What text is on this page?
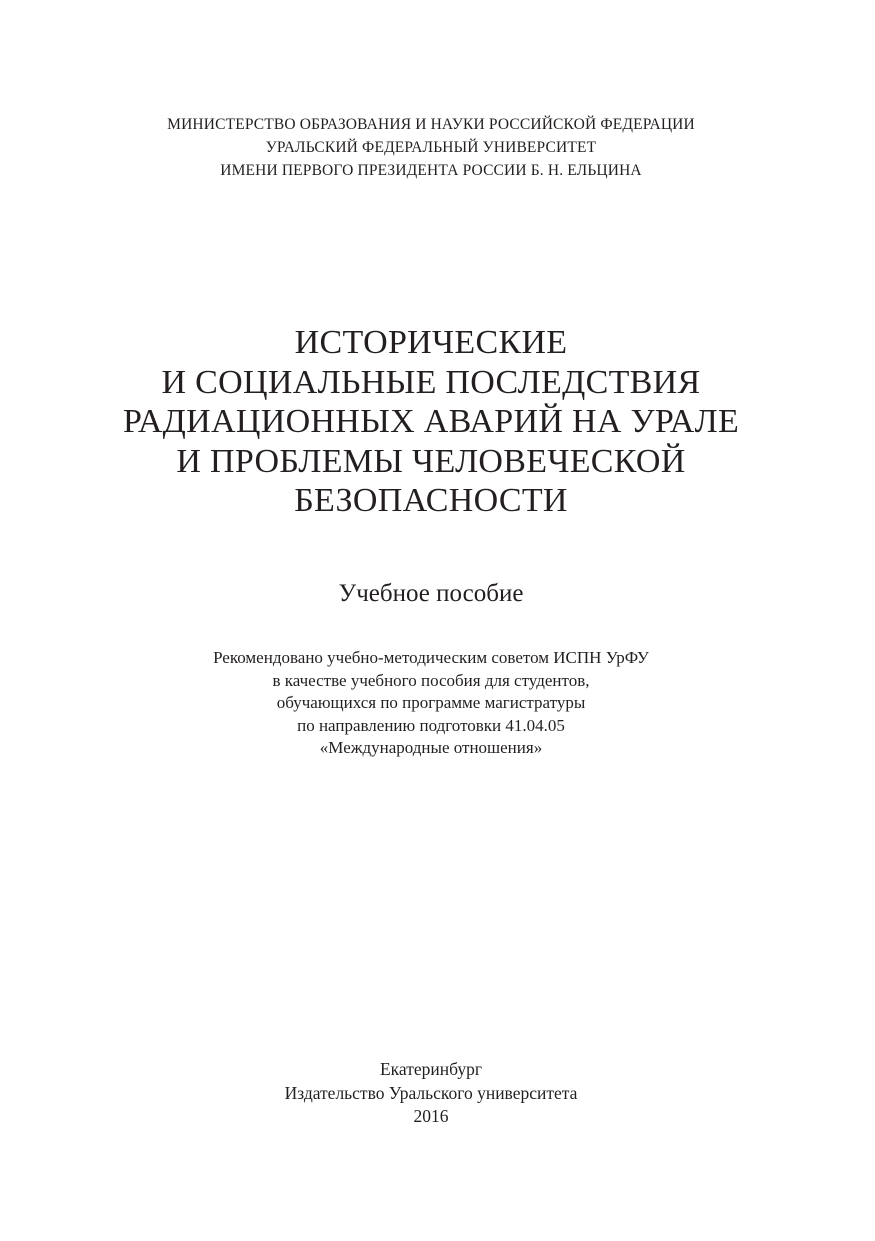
МИНИСТЕРСТВО ОБРАЗОВАНИЯ И НАУКИ РОССИЙСКОЙ ФЕДЕРАЦИИ
УРАЛЬСКИЙ ФЕДЕРАЛЬНЫЙ УНИВЕРСИТЕТ
ИМЕНИ ПЕРВОГО ПРЕЗИДЕНТА РОССИИ Б. Н. ЕЛЬЦИНА
ИСТОРИЧЕСКИЕ
И СОЦИАЛЬНЫЕ ПОСЛЕДСТВИЯ
РАДИАЦИОННЫХ АВАРИЙ НА УРАЛЕ
И ПРОБЛЕМЫ ЧЕЛОВЕЧЕСКОЙ
БЕЗОПАСНОСТИ
Учебное пособие
Рекомендовано учебно-методическим советом ИСПН УрФУ
в качестве учебного пособия для студентов,
обучающихся по программе магистратуры
по направлению подготовки 41.04.05
«Международные отношения»
Екатеринбург
Издательство Уральского университета
2016
